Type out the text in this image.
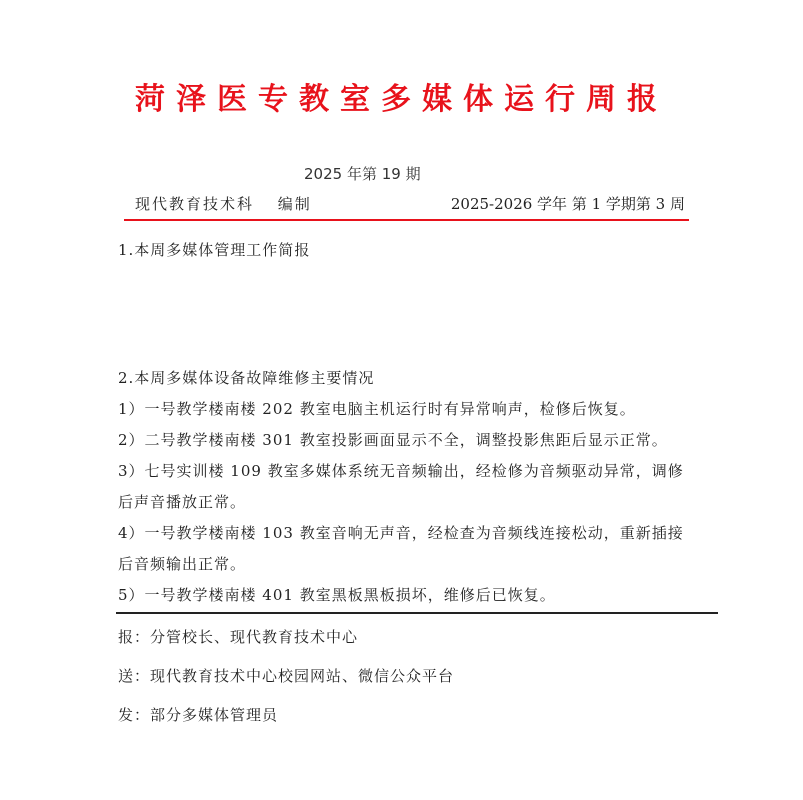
菏泽医专教室多媒体运行周报
2025 年第 19 期
现代教育技术科　 编制	2025-2026 学年 第 1 学期第 3 周
1.本周多媒体管理工作简报
2.本周多媒体设备故障维修主要情况
1）一号教学楼南楼 202 教室电脑主机运行时有异常响声，检修后恢复。
2）二号教学楼南楼 301 教室投影画面显示不全，调整投影焦距后显示正常。
3）七号实训楼 109 教室多媒体系统无音频输出，经检修为音频驱动异常，调修
后声音播放正常。
4）一号教学楼南楼 103 教室音响无声音，经检查为音频线连接松动，重新插接
后音频输出正常。
5）一号教学楼南楼 401 教室黑板黑板损坏，维修后已恢复。
报：分管校长、现代教育技术中心
送：现代教育技术中心校园网站、微信公众平台
发：部分多媒体管理员
